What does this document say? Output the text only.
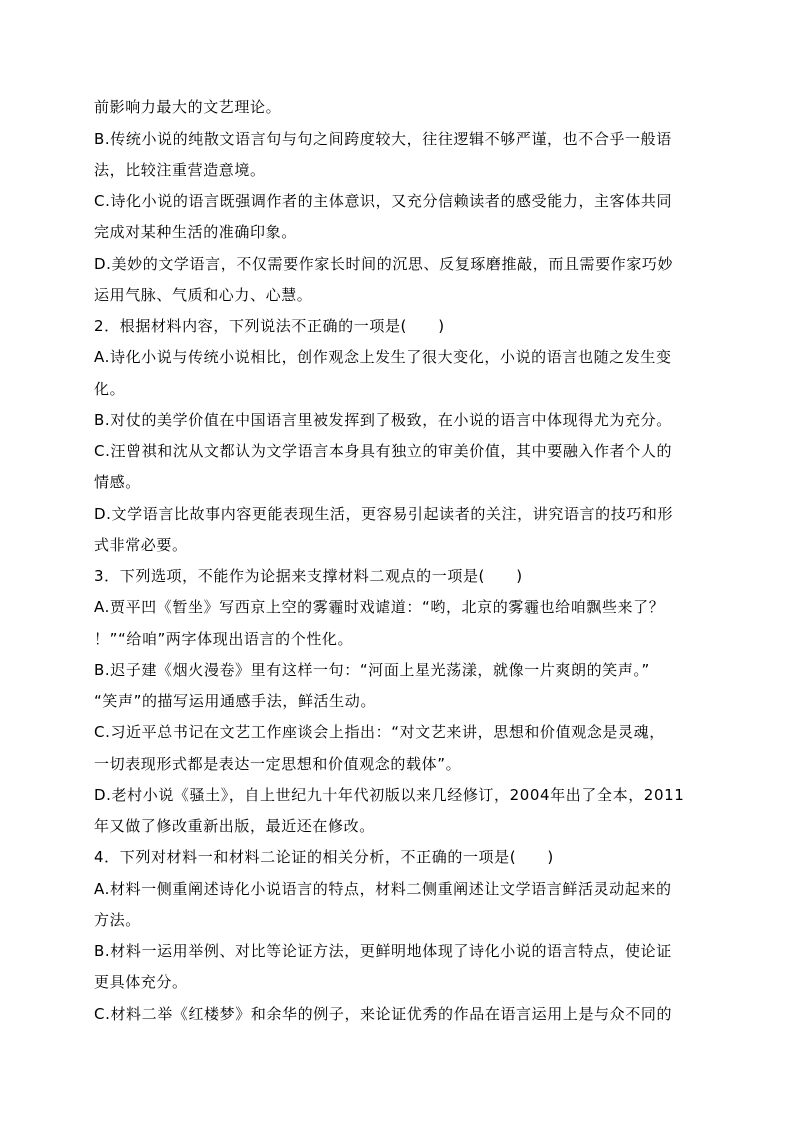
前影响力最大的文艺理论。
B.传统小说的纯散文语言句与句之间跨度较大，往往逻辑不够严谨，也不合乎一般语
法，比较注重营造意境。
C.诗化小说的语言既强调作者的主体意识，又充分信赖读者的感受能力，主客体共同
完成对某种生活的准确印象。
D.美妙的文学语言，不仅需要作家长时间的沉思、反复琢磨推敲，而且需要作家巧妙
运用气脉、气质和心力、心慧。
2．根据材料内容，下列说法不正确的一项是(　　)
A.诗化小说与传统小说相比，创作观念上发生了很大变化，小说的语言也随之发生变
化。
B.对仗的美学价值在中国语言里被发挥到了极致，在小说的语言中体现得尤为充分。
C.汪曾祺和沈从文都认为文学语言本身具有独立的审美价值，其中要融入作者个人的
情感。
D.文学语言比故事内容更能表现生活，更容易引起读者的关注，讲究语言的技巧和形
式非常必要。
3．下列选项，不能作为论据来支撑材料二观点的一项是(　　)
A.贾平凹《暂坐》写西京上空的雾霾时戏谑道：“哟，北京的雾霾也给咱飘些来了？
！”“给咱”两字体现出语言的个性化。
B.迟子建《烟火漫卷》里有这样一句：“河面上星光荡漾，就像一片爽朗的笑声。”
“笑声”的描写运用通感手法，鲜活生动。
C.习近平总书记在文艺工作座谈会上指出：“对文艺来讲，思想和价值观念是灵魂，
一切表现形式都是表达一定思想和价值观念的载体”。
D.老村小说《骚土》，自上世纪九十年代初版以来几经修订，2004年出了全本，2011
年又做了修改重新出版，最近还在修改。
4．下列对材料一和材料二论证的相关分析，不正确的一项是(　　)
A.材料一侧重阐述诗化小说语言的特点，材料二侧重阐述让文学语言鲜活灵动起来的
方法。
B.材料一运用举例、对比等论证方法，更鲜明地体现了诗化小说的语言特点，使论证
更具体充分。
C.材料二举《红楼梦》和余华的例子，来论证优秀的作品在语言运用上是与众不同的
